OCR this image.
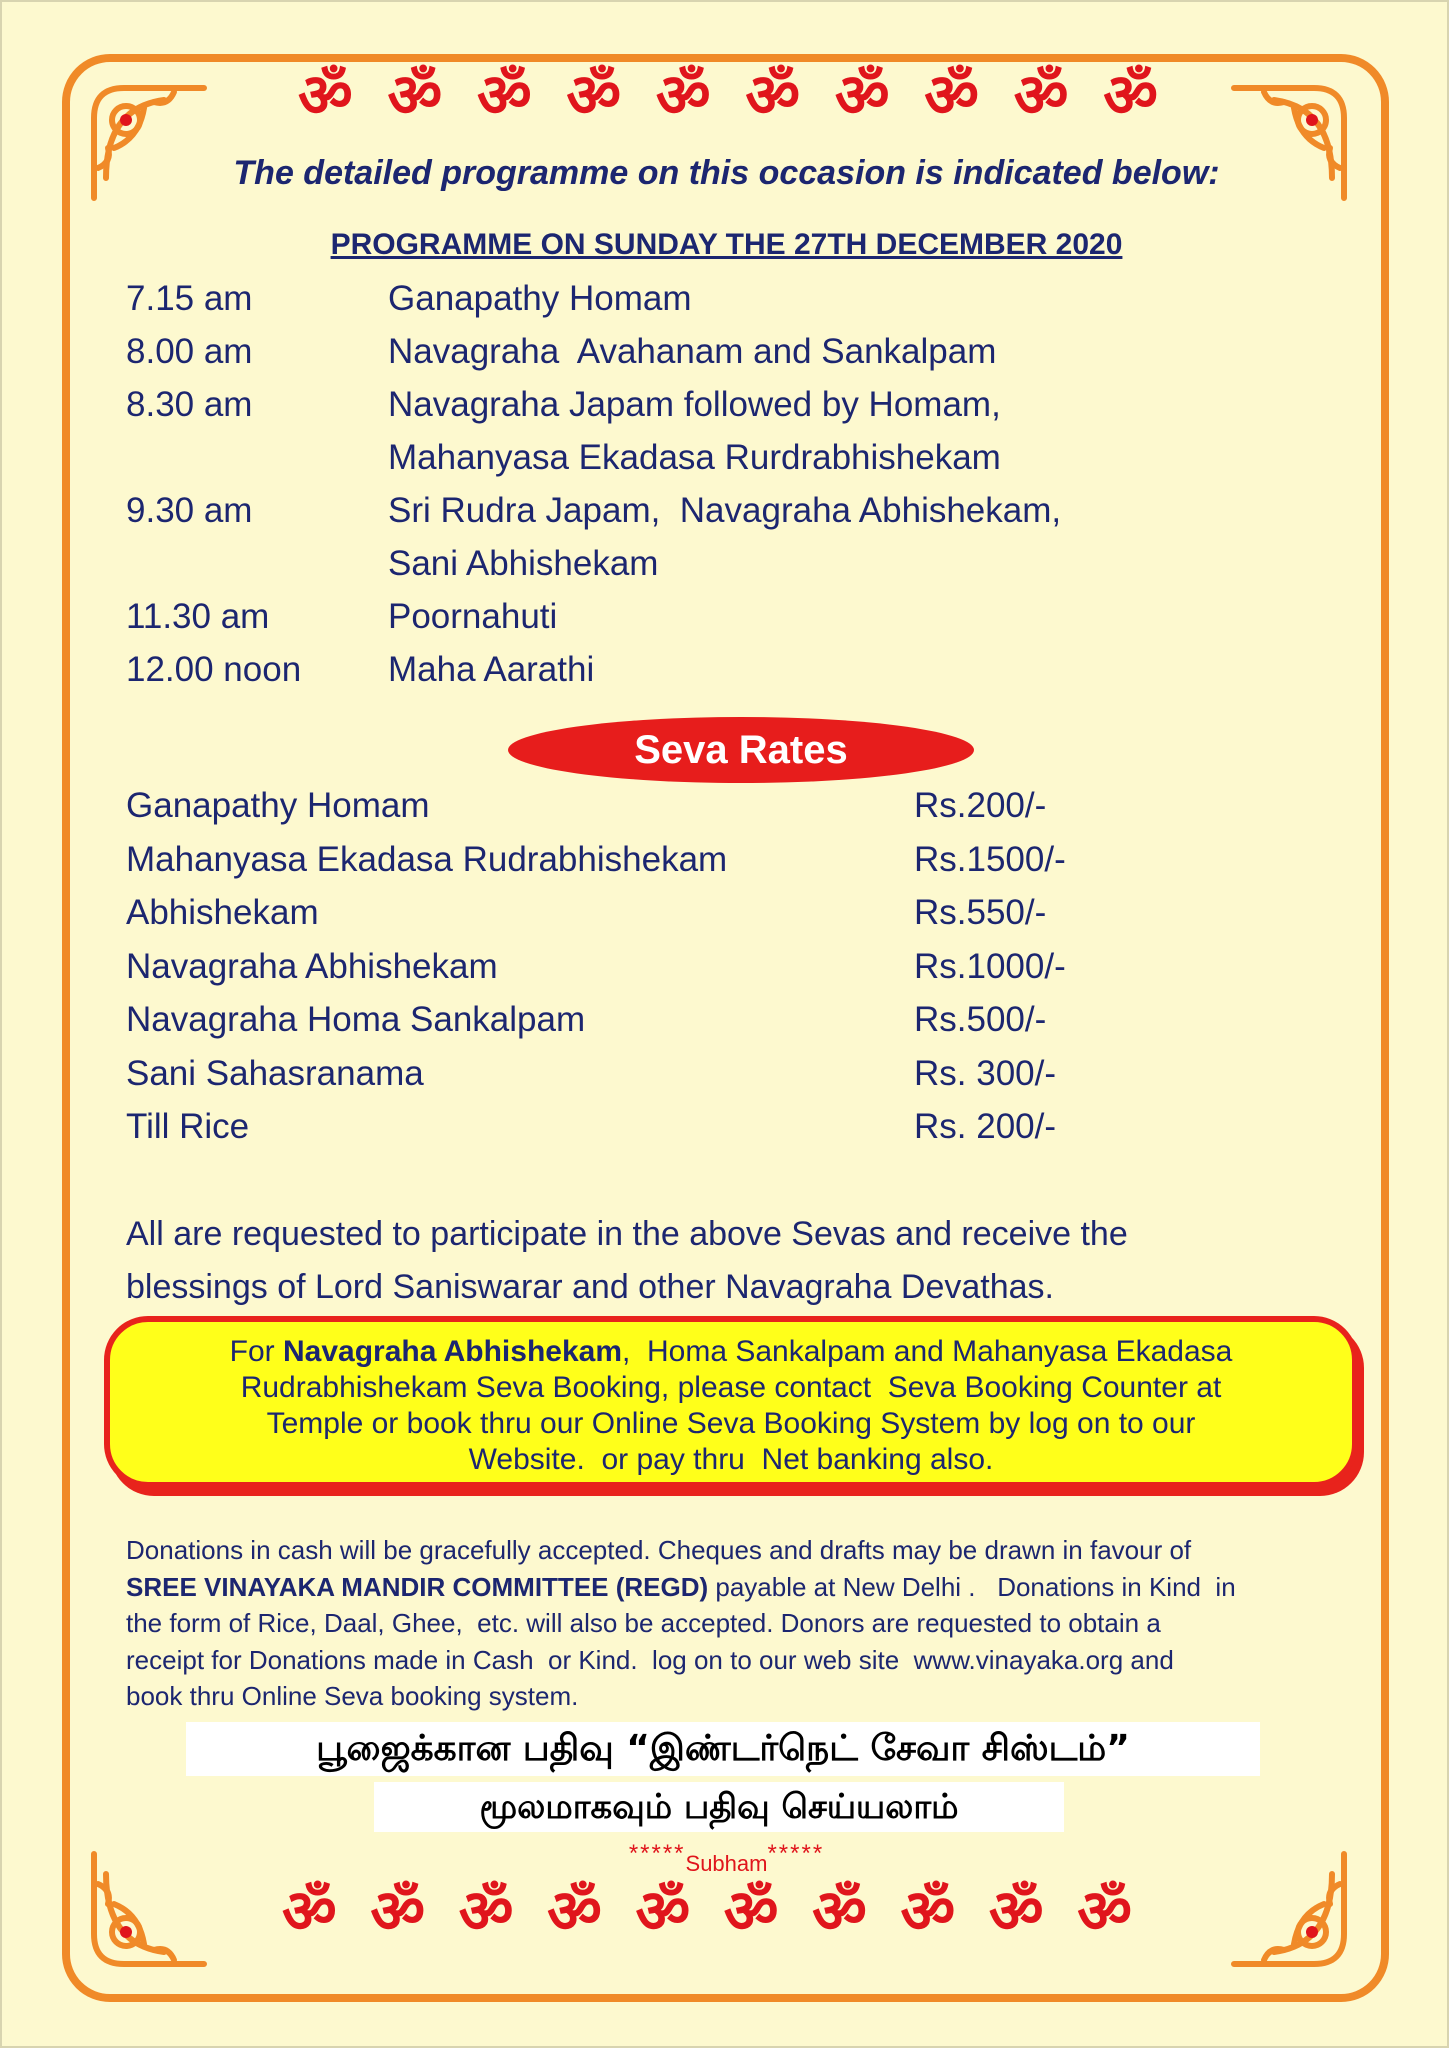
ॐ ॐ ॐ ॐ ॐ ॐ ॐ ॐ ॐ ॐ
The detailed programme on this occasion is indicated below:
PROGRAMME ON SUNDAY THE 27TH DECEMBER 2020
7.15 am	Ganapathy Homam
8.00 am	Navagraha  Avahanam and Sankalpam
8.30 am	Navagraha Japam followed by Homam,
Mahanyasa Ekadasa Rurdrabhishekam
9.30 am	Sri Rudra Japam,  Navagraha Abhishekam,
Sani Abhishekam
11.30 am	Poornahuti
12.00 noon	Maha Aarathi
Seva Rates
Ganapathy Homam	Rs.200/-
Mahanyasa Ekadasa Rudrabhishekam	Rs.1500/-
Abhishekam	Rs.550/-
Navagraha Abhishekam	Rs.1000/-
Navagraha Homa Sankalpam	Rs.500/-
Sani Sahasranama	Rs. 300/-
Till Rice	Rs. 200/-
All are requested to participate in the above Sevas and receive the
blessings of Lord Saniswarar and other Navagraha Devathas.
For Navagraha Abhishekam,  Homa Sankalpam and Mahanyasa Ekadasa
Rudrabhishekam Seva Booking, please contact  Seva Booking Counter at
Temple or book thru our Online Seva Booking System by log on to our
Website.  or pay thru  Net banking also.
Donations in cash will be gracefully accepted. Cheques and drafts may be drawn in favour of
SREE VINAYAKA MANDIR COMMITTEE (REGD) payable at New Delhi .   Donations in Kind  in
the form of Rice, Daal, Ghee,  etc. will also be accepted. Donors are requested to obtain a
receipt for Donations made in Cash  or Kind.  log on to our web site  www.vinayaka.org and
book thru Online Seva booking system.
பூஜைக்கான பதிவு “இண்டர்நெட் சேவா சிஸ்டம்”
மூலமாகவும் பதிவு செய்யலாம்
*****Subham*****
ॐ ॐ ॐ ॐ ॐ ॐ ॐ ॐ ॐ ॐ
